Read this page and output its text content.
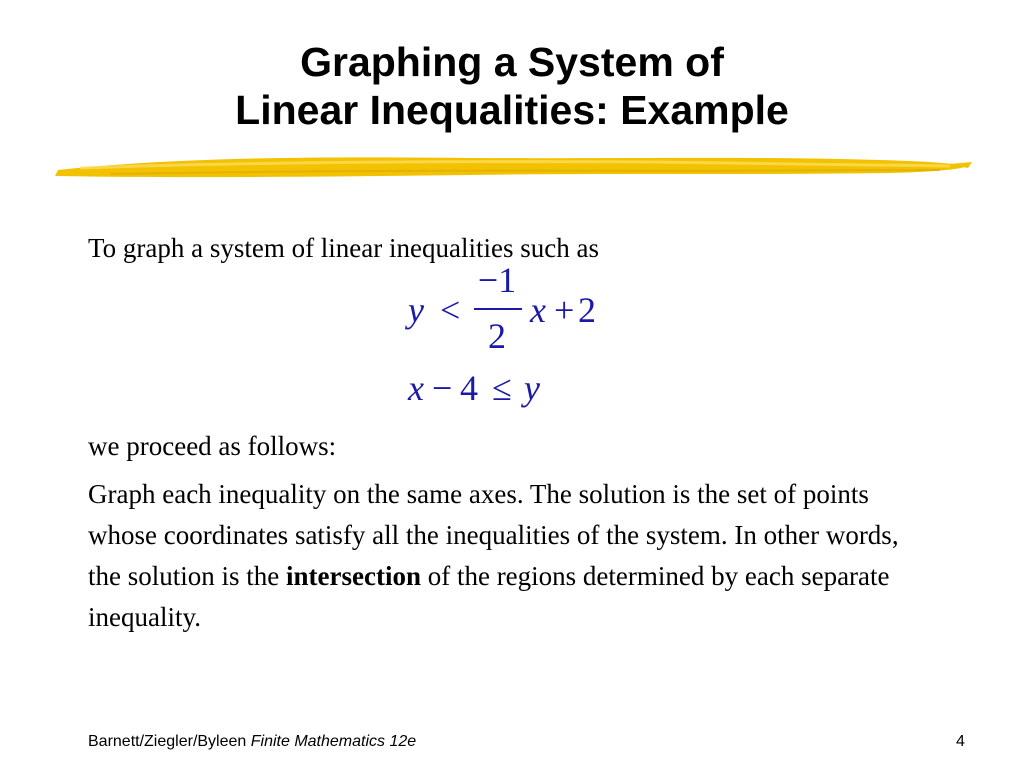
Graphing a System of
Linear Inequalities: Example
To graph a system of linear inequalities such as
y <
−1
2
x + 2
x − 4 ≤ y
we proceed as follows:
Graph each inequality on the same axes. The solution is the set of points whose coordinates satisfy all the inequalities of the system. In other words, the solution is the intersection of the regions determined by each separate inequality.
Barnett/Ziegler/Byleen Finite Mathematics 12e	4
